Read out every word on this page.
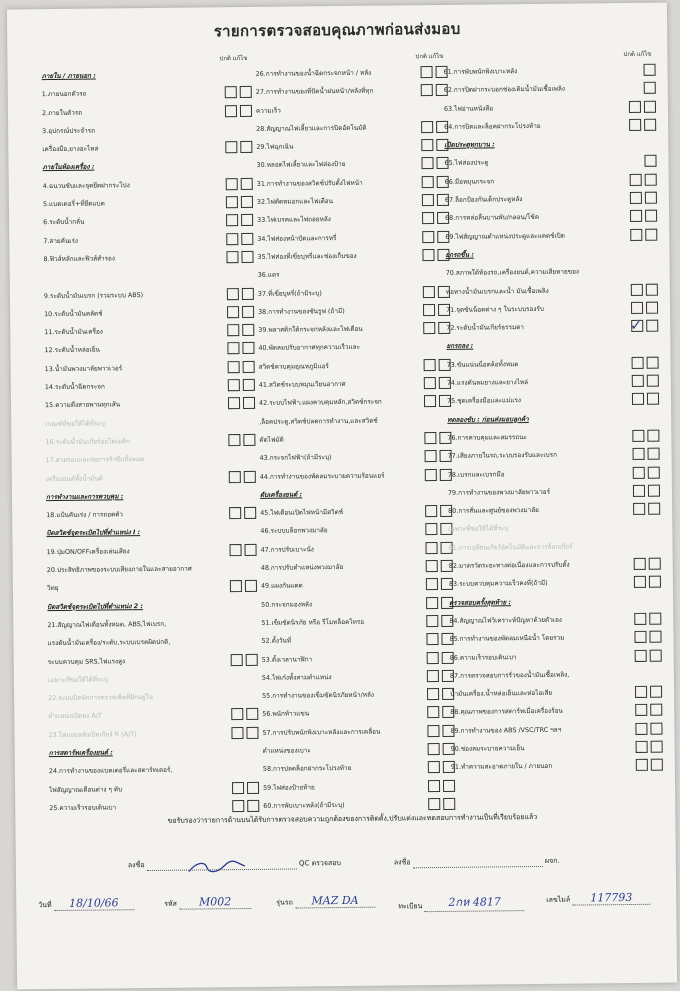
รายการตรวจสอบคุณภาพก่อนส่งมอบ
ปกติ แก้ไข
ภายใน / ภายนอก :
1.ภายนอกตัวรถ
2.ภายในตัวรถ
3.อุปกรณ์ประจำรถ
เครื่องมือ,ยางอะไหล่
ภายในห้องเครื่อง :
4.ฉนวนซับและจุดยึดฝากระโปง
5.แบตเตอรี่+ที่ยึดแบต
6.ระดับน้ำกลั่น
7.สายคันเร่ง
8.ฟิวส์หลักและฟิวส์สำรอง
9.ระดับน้ำมันเบรก (รวมระบบ ABS)
10.ระดับน้ำมันคลัตช์
11.ระดับน้ำมันเครื่อง
12.ระดับน้ำหล่อเย็น
13.น้ำมันพวงมาลัยพาวเวอร์
14.ระดับน้ำฉีดกระจก
15.ความตึงสายพานทุกเส้น
เกณฑ์ที่ขอให้ได้ที่ระบุ
16.ระดับน้ำมันเกียร์ออโตเมติก
17.สายรอบและท่อการรั่วซึมทั้งหมด
เครื่องยนต์ทั้งน้ำมันดี
การทำงานและการควบคุม :
18.แป้นคันเร่ง / การถอดตัว
บิดสวิตช์จุดระเบิดไปที่ตำแหน่ง I :
19.ปุ่มON/OFFเครื่องเล่นเสียง
20.ประสิทธิภาพของระบบเสียงภายในและสายอากาศ
วิทยุ
บิดสวิตช์จุดระเบิดไปที่ตำแหน่ง 2 :
21.สัญญาณไฟเตือนทั้งหมด, ABS,ไฟเบรก,
แรงดันน้ำมันเครื่อง/ระดับ,ระบบเบรคผิดปกติ,
ระบบควบคุม SRS,ไฟแรงสูง
เฉพาะที่ขอให้ได้ที่ระบุ
22.ระบบปิดพักการตรวจเช็คที่ฝักอยู่ใน
ตำแหน่งเปิดลง A/T
23.ไฟถอยหลังเปิดเกียร์ R (A/T)
การสตาร์ทเครื่องยนต์ :
24.การทำงานของแบตเตอรี่และสตาร์ทเตอร์,
ไฟสัญญาณเตือนต่าง ๆ ดับ
25.ความเร็วรอบเดินเบา
ปกติ แก้ไข
26.การทำงานของน้ำฉีดกระจกหน้า / หลัง
27.การทำงานของที่ปัดน้ำฝนหน้า/หลังที่ทุก
ความเร็ว
28.สัญญาณไฟเลี้ยวและการปิดอัตโนมัติ
29.ไฟฉุกเฉิน
30.หลอดไฟเลี้ยวและไฟส่องป้าย
31.การทำงานของสวิตช์ปรับตั้งไฟหน้า
32.ไฟตัดหมอกและไฟเตือน
33.ไฟเบรคและไฟถอยหลัง
34.ไฟส่องหน้าปัดและการหรี่
35.ไฟส่องที่เขี่ยบุหรี่และช่องเก็บของ
36.แตร
37.ที่เขี่ยบุหรี่(ถ้ามีระบุ)
38.การทำงานของซันรูฟ (ถ้ามี)
39.พลาสติกใต้กระจกหลังและไฟเตือน
40.พัดลมปรับอากาศทุกความเร็วและ
สวิตช์ควบคุมอุณหภูมิแอร์
41.สวิตช์ระบบหมุนเวียนอากาศ
42.ระบบไฟฟ้า,แผงควบคุมหลัก,สวิตช์กระจก
,ล็อคประตู,สวิตช์ปลดการทำงาน,และสวิตช์
ตัดไฟมัติ
43.กระจกไฟฟ้า(ถ้ามีระบุ)
44.การทำงานของพัดลมระบายความร้อนแอร์
ดับเครื่องยนต์ :
45.ไฟเตือนเปิดไฟหน้ามีสวิตช์
46.ระบบบล็อกพวงมาลัย
47.การปรับเบาะนั่ง
48.การปรับตำแหน่งพวงมาลัย
49.แผงกันแดด
50.กระจกมองหลัง
51.เข็มขัดนิรภัย หรือ รีโมทล็อคไทรอ
52.ตั้งวันที่
53.ตั้งเวลานาฬิกา
54.ไฟเก๋งทั้งสามตำแหน่ง
55.การทำงานของเข็มขัดนิรภัยหน้า/หลัง
56.พนักท้าวแขน
57.การปรับพนักพิงเบาะหลังและการเคลื่อน
ตำแหน่งของเบาะ
58.การปลดล็อกฝากระโปรงท้าย
59.ไฟส่องป้ายท้าย
60.การพับเบาะหลัง(ถ้ามีระบุ)
ปกติ แก้ไข
61.การพับพนักพิงเบาะหลัง
62.การปิดฝากระบอกช่องเติมน้ำมันเชื้อเพลิง
63.ไฟอ่านหนังสือ
64.การปิดและล็อคฝากระโปรงท้าย
เปิดประตูทุกบาน :
65.ไฟส่องประตู
66.มือหมุนกระจก
67.ล็อกป้องกันเด็กประตูหลัง
68.การหล่อลื่นบานพับ/กลอน/โช้ค
69.ไฟสัญญาณตำแหน่งประตูและแคตช์เปิด
ยกรถขึ้น :
70.สภาพใต้ท้องรถ,เครื่องยนต์,ความเสียหายของ
ท่อทางน้ำมันเบรกและน้ำ มันเชื้อเพลิง
71.จุดขันน็อตต่าง ๆ ในระบบรองรับ
72.ระดับน้ำมันเกียร์ธรรมดา	✓
ยกรถลง :
73.ขันแน่นน็อตล้อทั้งหมด
74.แรงดันลมยางและยางไหล่
75.ชุดเครื่องมือและแม่แรง
ทดลองขับ : ก่อนส่งมอบลูกค้า
76.การควบคุมและสมรรถนะ
77.เสียงภายในรถ,ระบบรองรับและเบรก
78.เบรกและเบรกมือ
79.การทำงานของพวงมาลัยพาวเวอร์
80.การสั่นและศูนย์ของพวงมาลัย
เฉพาะที่ขอให้ได้ที่ระบุ
81.การเปลี่ยนเกียร์อัตโนมัติและการล็อกเกียร์
82.มาตรวัดระยะทางต่อเนื่องและการปรับตั้ง
83.ระบบควบคุมความเร็วคงที่(ถ้ามี)
ตรวจสอบครั้งสุดท้าย :
84.สัญญาณไฟวิเคราะห์ปัญหาด้วยตัวเอง
85.การทำงานของพัดลมเหนือน้ำ โดยรวม
86.ความเร็วรอบเดินเบา
87.การตรวจสอบการรั่วของน้ำมันเชื้อเพลิง,
น้ำมันเครื่อง,น้ำหล่อเย็นและท่อไอเสีย
88.คุณภาพของการสตาร์ทเมื่อเครื่องร้อน
89.การทำงานของ ABS /VSC/TRC ฯลฯ
90.ช่องลมระบายความเย็น
91.ทำความสะอาดภายใน / ภายนอก
ขอรับรองว่ารายการด้านบนได้รับการตรวจสอบความถูกต้องของการติดตั้ง,ปรับแต่งและทดสอบการทำงานเป็นที่เรียบร้อยแล้ว
ลงชื่อ	QC ตรวจสอบ	ลงชื่อ	ผจก.
วันที่ 18/10/66	รหัส M002	รุ่นรถ MAZ DA	ทะเบียน 2กห 4817	เลขไมล์ 117793
